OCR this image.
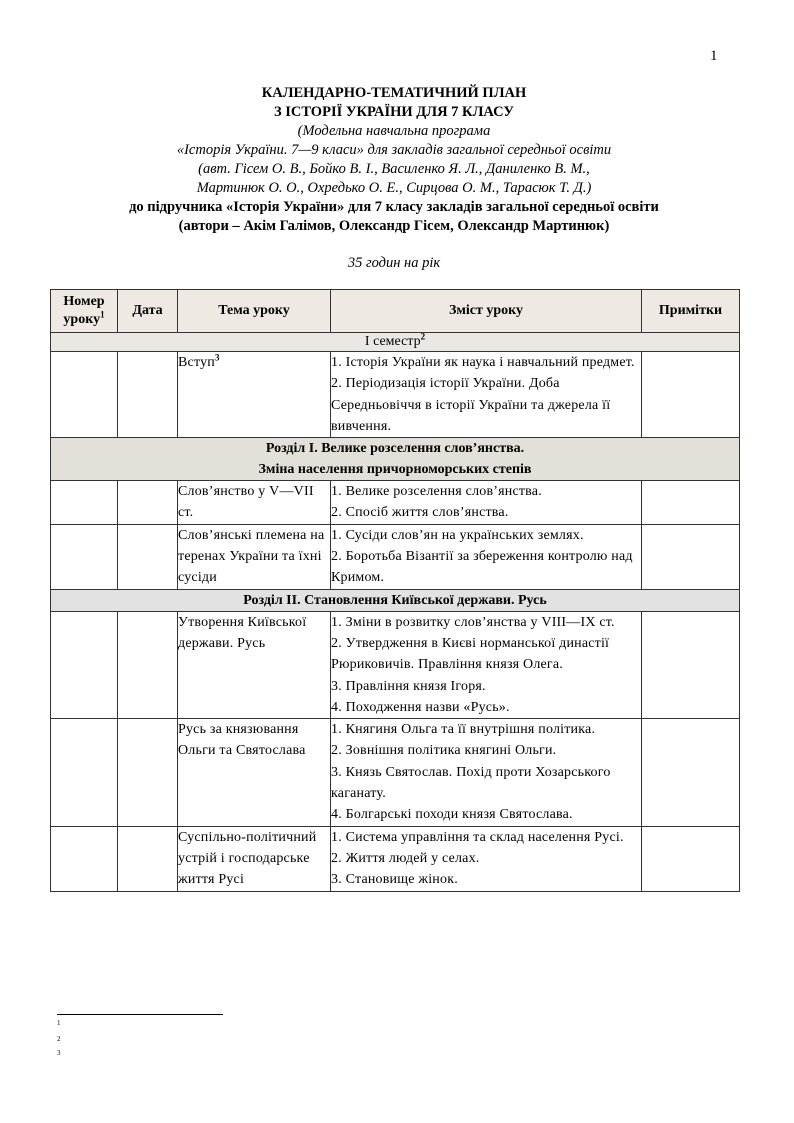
1
КАЛЕНДАРНО-ТЕМАТИЧНИЙ ПЛАН
З ІСТОРІЇ УКРАЇНИ ДЛЯ 7 КЛАСУ
(Модельна навчальна програма
«Історія України. 7—9 класи» для закладів загальної середньої освіти
(авт. Гісем О. В., Бойко В. І., Василенко Я. Л., Даниленко В. М.,
Мартинюк О. О., Охредько О. Е., Сирцова О. М., Тарасюк Т. Д.)
до підручника «Історія України» для 7 класу закладів загальної середньої освіти
(автори – Акім Галімов, Олександр Гісем, Олександр Мартинюк)
35 годин на рік
Номер
уроку$^1$	Дата	Тема уроку	Зміст уроку	Примітки
І семестр$^2$
		Вступ$^3$	1. Історія України як наука і навчальний предмет.

2. Періодизація історії України. Доба Середньовіччя в історії України та джерела її вивчення.	

Розділ І. Велике розселення слов’янства.
Зміна населення причорноморських степів				
		Слов’янство у V—VІІ ст.	1. Велике розселення слов’янства.

2. Спосіб життя слов’янства.	

		Слов’янські племена на теренах України та їхні сусіди	1. Сусіди слов’ян на українських землях.

2. Боротьба Візантії за збереження контролю над Кримом.	

Розділ ІІ. Становлення Київської держави. Русь				
		Утворення Київської держави. Русь	1. Зміни в розвитку слов’янства у VІІІ—ІХ ст.

2. Утвердження в Києві норманської династії Рюриковичів. Правління князя Олега.

3. Правління князя Ігоря.

4. Походження назви «Русь».	

		Русь за князювання Ольги та Святослава	1. Княгиня Ольга та її внутрішня політика.

2. Зовнішня політика княгині Ольги.

3. Князь Святослав. Похід проти Хозарського каганату.

4. Болгарські походи князя Святослава.	

		Суспільно-політичний устрій і господарське життя Русі	1. Система управління та склад населення Русі.

2. Життя людей у селах.

3. Становище жінок.	

1
2
3
